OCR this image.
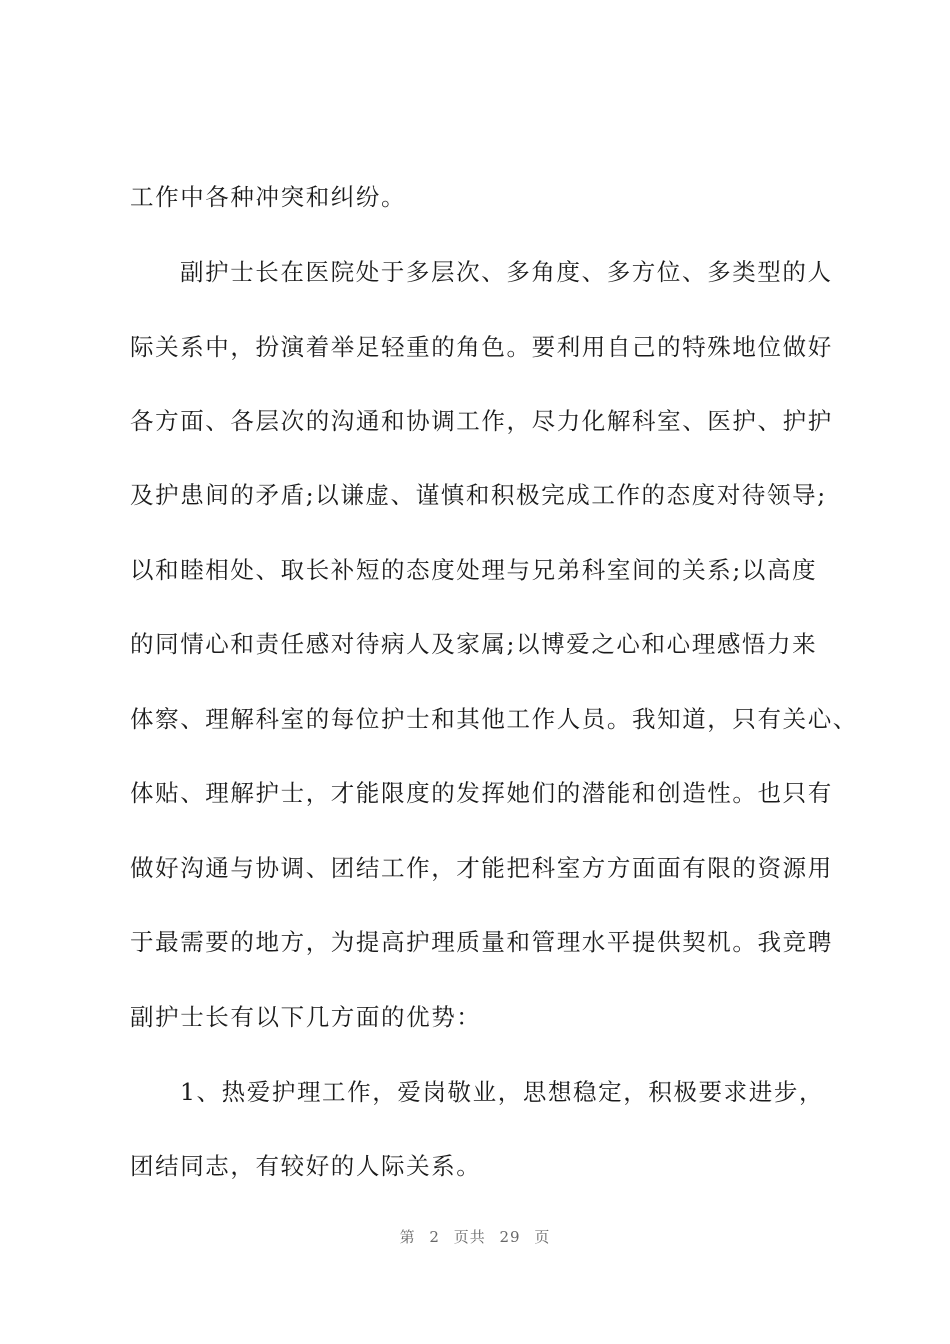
工作中各种冲突和纠纷。
副护士长在医院处于多层次、多角度、多方位、多类型的人
际关系中，扮演着举足轻重的角色。要利用自己的特殊地位做好
各方面、各层次的沟通和协调工作，尽力化解科室、医护、护护
及护患间的矛盾;以谦虚、谨慎和积极完成工作的态度对待领导;
以和睦相处、取长补短的态度处理与兄弟科室间的关系;以高度
的同情心和责任感对待病人及家属;以博爱之心和心理感悟力来
体察、理解科室的每位护士和其他工作人员。我知道，只有关心、
体贴、理解护士，才能限度的发挥她们的潜能和创造性。也只有
做好沟通与协调、团结工作，才能把科室方方面面有限的资源用
于最需要的地方，为提高护理质量和管理水平提供契机。我竞聘
副护士长有以下几方面的优势：
1、热爱护理工作，爱岗敬业，思想稳定，积极要求进步，
团结同志，有较好的人际关系。
第 2 页共 29 页
